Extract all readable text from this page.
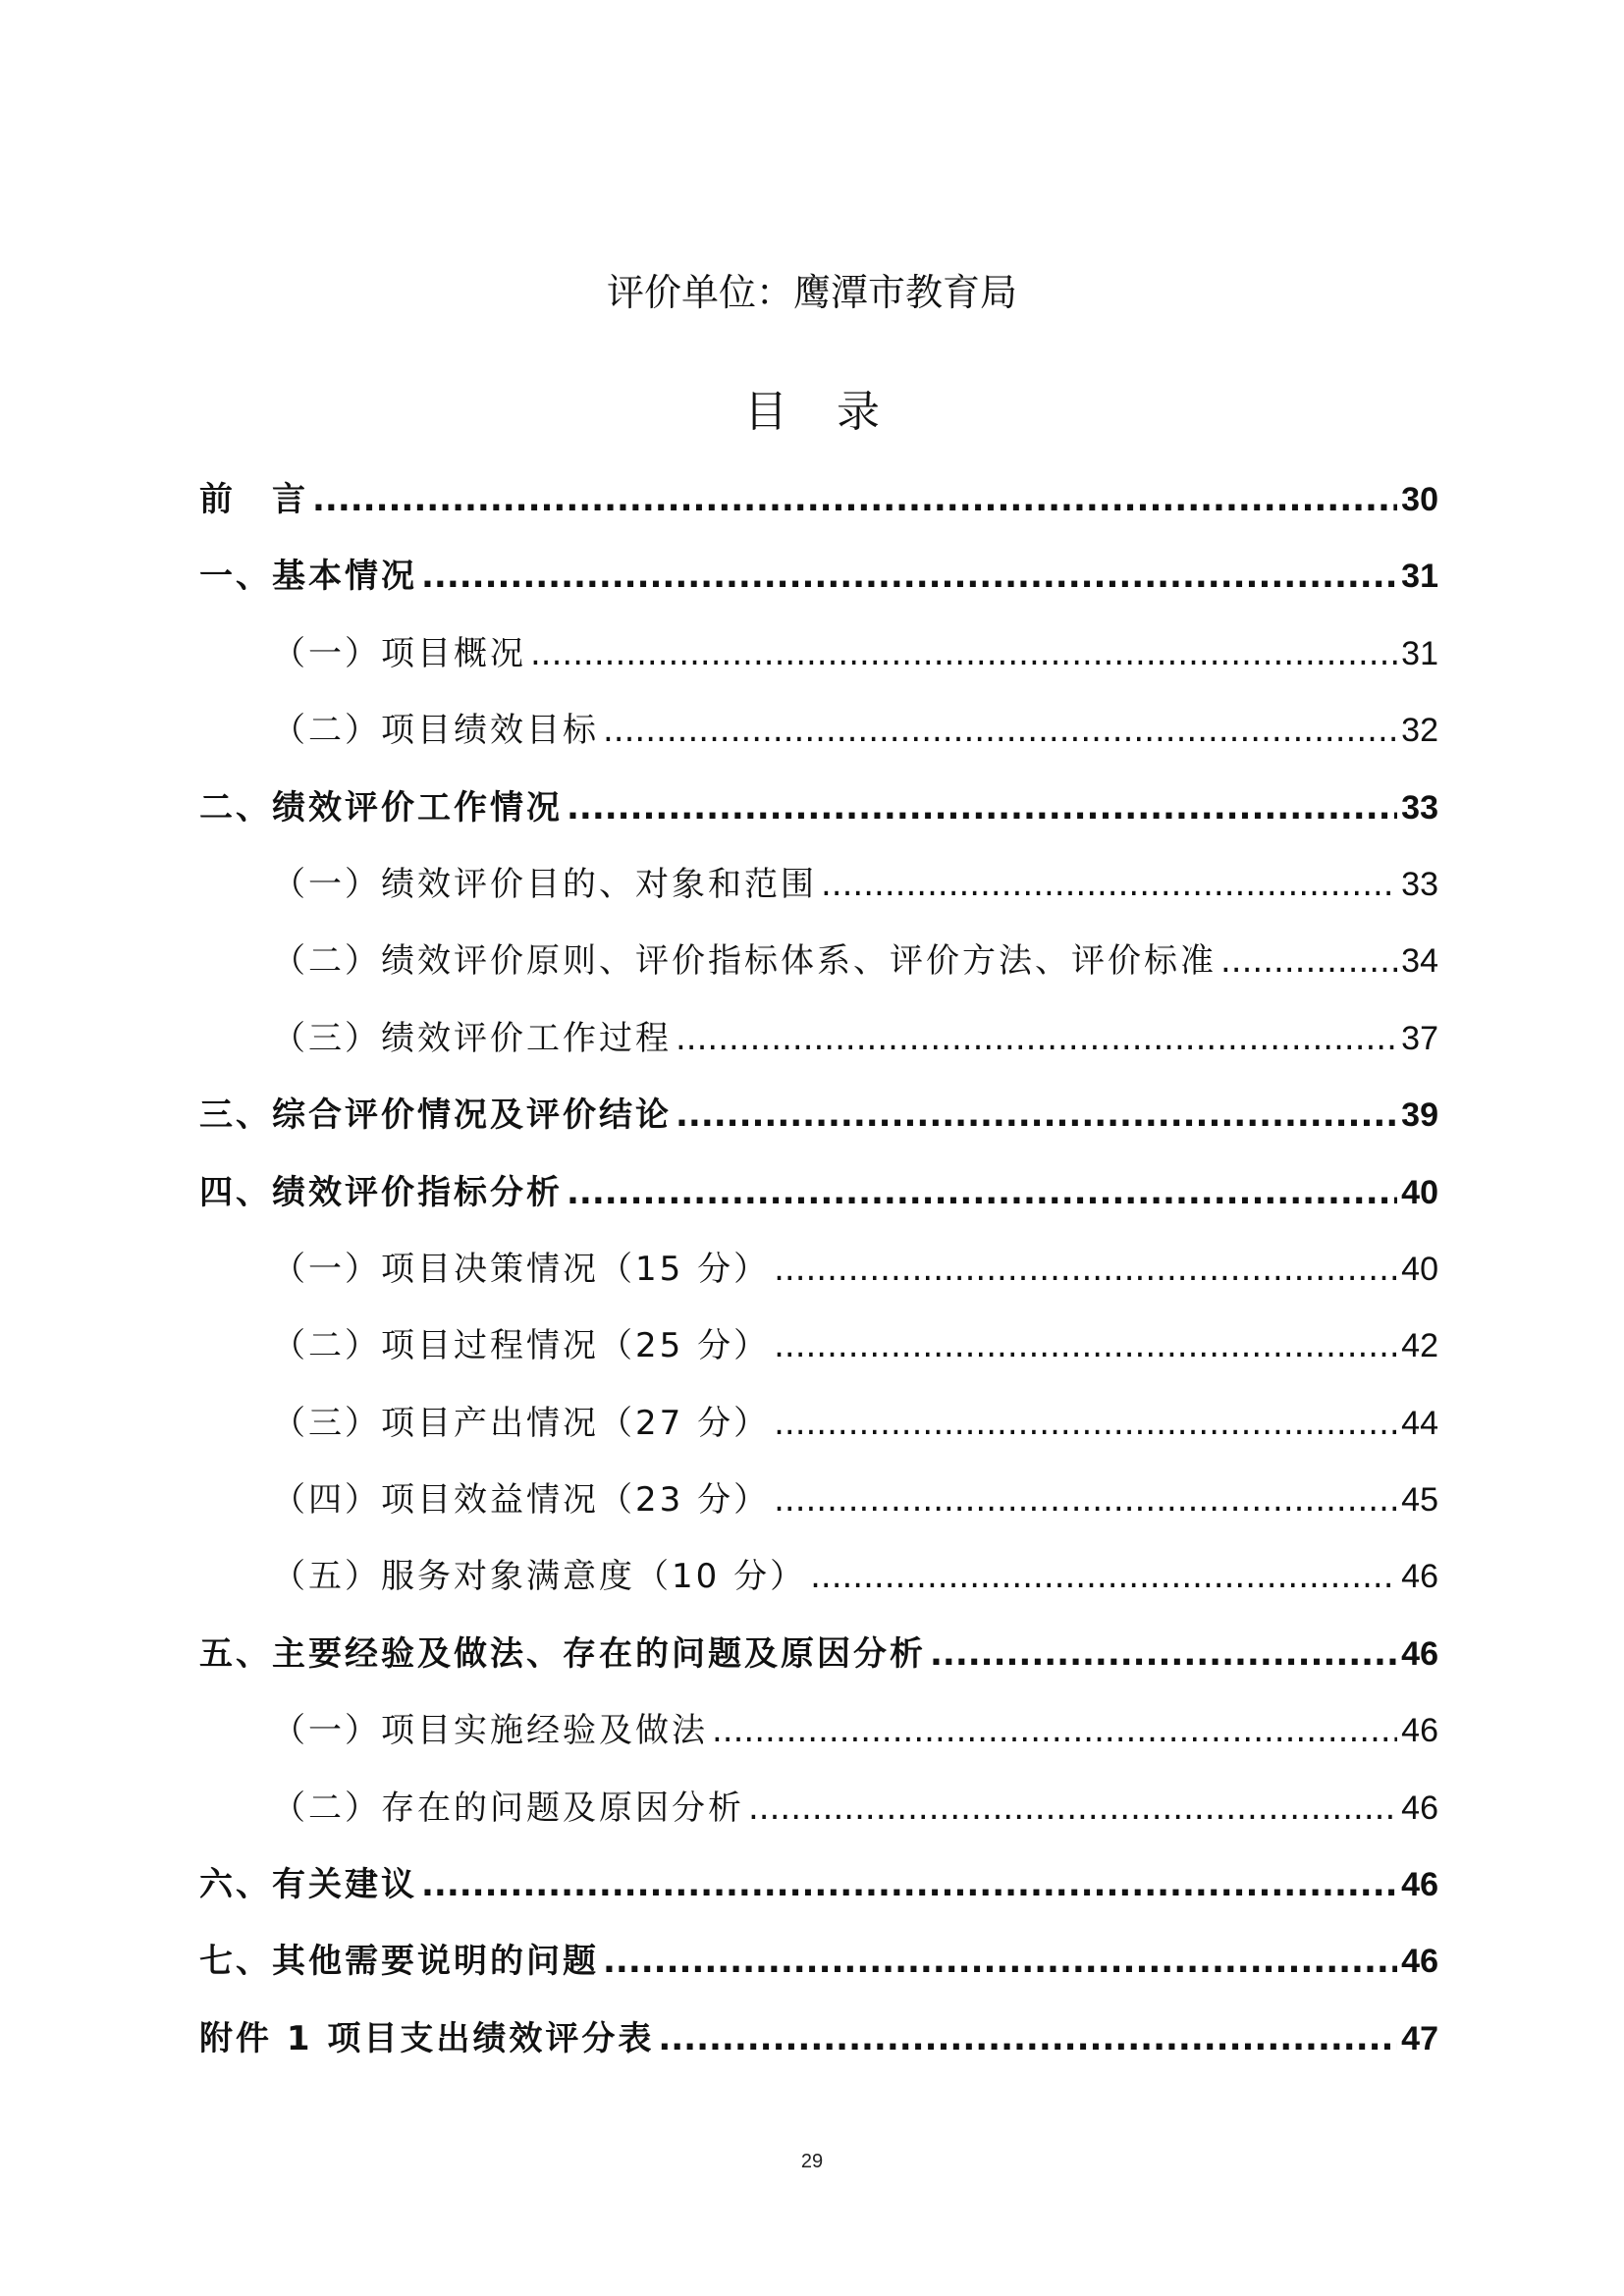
评价单位：鹰潭市教育局
目 录
前　言 .....	30
一、基本情况 .....	31
（一）项目概况 .....	31
（二）项目绩效目标 .....	32
二、绩效评价工作情况 .....	33
（一）绩效评价目的、对象和范围 .....	33
（二）绩效评价原则、评价指标体系、评价方法、评价标准 .....	34
（三）绩效评价工作过程 .....	37
三、综合评价情况及评价结论 .....	39
四、绩效评价指标分析 .....	40
（一）项目决策情况（15 分） .....	40
（二）项目过程情况（25 分） .....	42
（三）项目产出情况（27 分） .....	44
（四）项目效益情况（23 分） .....	45
（五）服务对象满意度（10 分） .....	46
五、主要经验及做法、存在的问题及原因分析 .....	46
（一）项目实施经验及做法 .....	46
（二）存在的问题及原因分析 .....	46
六、有关建议 .....	46
七、其他需要说明的问题 .....	46
附件 1 项目支出绩效评分表 .....	47
29
